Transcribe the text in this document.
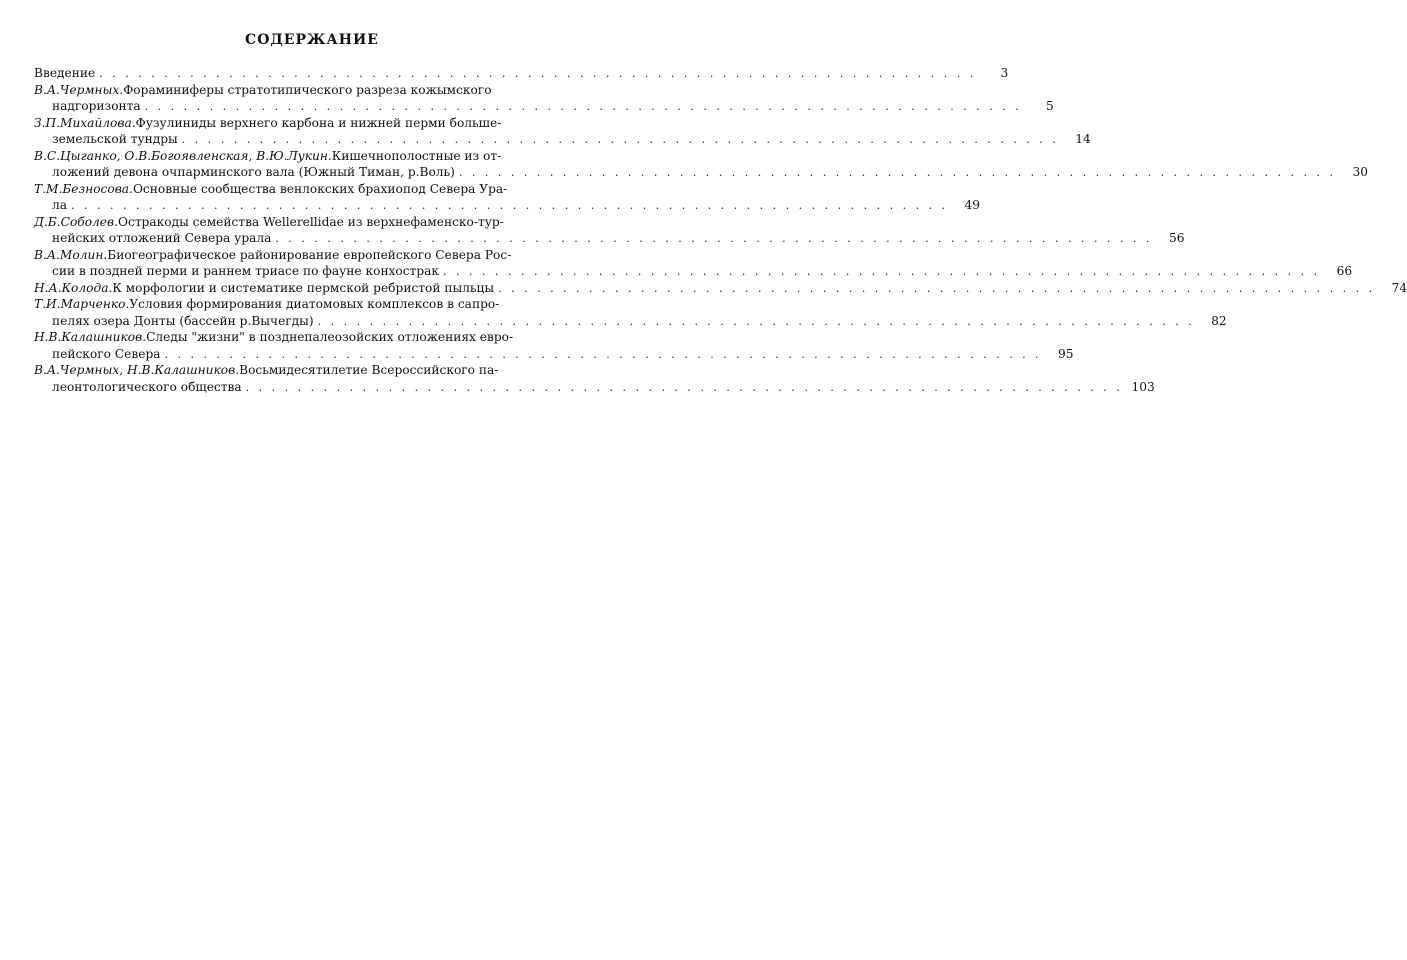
СОДЕРЖАНИЕ
Введение . . .	3
В.А.Чермных.Фораминиферы стратотипического разреза кожымского
надгоризонта . . .	5
З.П.Михайлова.Фузулиниды верхнего карбона и нижней перми больше-
земельской тундры . . .	14
В.С.Цыганко, О.В.Богоявленская, В.Ю.Лукин.Кишечнополостные из от-
ложений девона очпарминского вала (Южный Тиман, р.Воль) . . .	30
Т.М.Безносова.Основные сообщества венлокских брахиопод Севера Ура-
ла . . .	49
Д.Б.Соболев.Остракоды семейства Wellerellidae из верхнефаменско-тур-
нейских отложений Севера урала . . .	56
В.А.Молин.Биогеографическое районирование европейского Севера Рос-
сии в поздней перми и раннем триасе по фауне конхострак . . .	66
Н.А.Колода.К морфологии и систематике пермской ребристой пыльцы . . .	74
Т.И.Марченко.Условия формирования диатомовых комплексов в сапро-
пелях озера Донты (бассейн р.Вычегды) . . .	82
Н.В.Калашников.Следы "жизни" в позднепалеозойских отложениях евро-
пейского Севера . . .	95
В.А.Чермных, Н.В.Калашников.Восьмидесятилетие Всероссийского па-
леонтологического общества . . .	103
